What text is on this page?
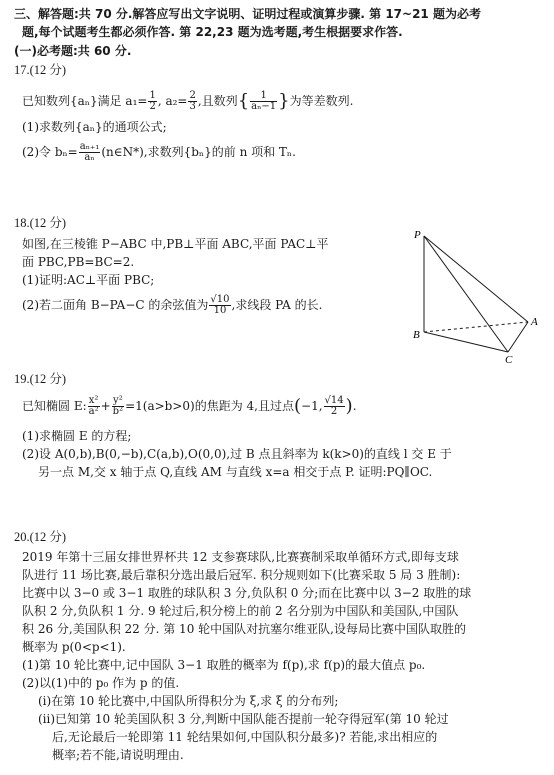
三、解答题:共 70 分.解答应写出文字说明、证明过程或演算步骤. 第 17~21 题为必考
题,每个试题考生都必须作答. 第 22,23 题为选考题,考生根据要求作答.
(一)必考题:共 60 分.
17.(12 分)
已知数列{aₙ}满足 $a_1= \frac{1}{2}$ , $a_2= \frac{2}{3}$ ,且数列{ $\frac{1}{\text{aₙ−1}}$ }为等差数列.
(1)求数列{aₙ}的通项公式;
(2)令 $b_n= \frac{\text{aₙ₊₁}}{\text{aₙ}}$ (n∈N*),求数列{bₙ}的前 n 项和 Tₙ.
18.(12 分)
如图,在三棱锥 P−ABC 中,PB⊥平面 ABC,平面 PAC⊥平
面 PBC,PB=BC=2.
(1)证明:AC⊥平面 PBC;
(2)若二面角 B−PA−C 的余弦值为 $\frac{√10}{10}$ ,求线段 PA 的长.
P
A
B
C
19.(12 分)
已知椭圆 E: $\frac{\text{x²}}{\text{a²}} + \frac{\text{y²}}{\text{b²}} =1(a>b>0)$的焦距为 4,且过点(−1, $\frac{√14}{2}$ ).
(1)求椭圆 E 的方程;
(2)设 A(0,b),B(0,−b),C(a,b),O(0,0),过 B 点且斜率为 k(k>0)的直线 l 交 E 于
另一点 M,交 x 轴于点 Q,直线 AM 与直线 x=a 相交于点 P. 证明:PQ∥OC.
20.(12 分)
2019 年第十三届女排世界杯共 12 支参赛球队,比赛赛制采取单循环方式,即每支球
队进行 11 场比赛,最后靠积分选出最后冠军. 积分规则如下(比赛采取 5 局 3 胜制):
比赛中以 3−0 或 3−1 取胜的球队积 3 分,负队积 0 分;而在比赛中以 3−2 取胜的球
队积 2 分,负队积 1 分. 9 轮过后,积分榜上的前 2 名分别为中国队和美国队,中国队
积 26 分,美国队积 22 分. 第 10 轮中国队对抗塞尔维亚队,设每局比赛中国队取胜的
概率为 p(0<p<1).
(1)第 10 轮比赛中,记中国队 3−1 取胜的概率为 f(p),求 f(p)的最大值点 p₀.
(2)以(1)中的 p₀ 作为 p 的值.
(ⅰ)在第 10 轮比赛中,中国队所得积分为 ξ,求 ξ 的分布列;
(ⅱ)已知第 10 轮美国队积 3 分,判断中国队能否提前一轮夺得冠军(第 10 轮过
后,无论最后一轮即第 11 轮结果如何,中国队积分最多)? 若能,求出相应的
概率;若不能,请说明理由.
